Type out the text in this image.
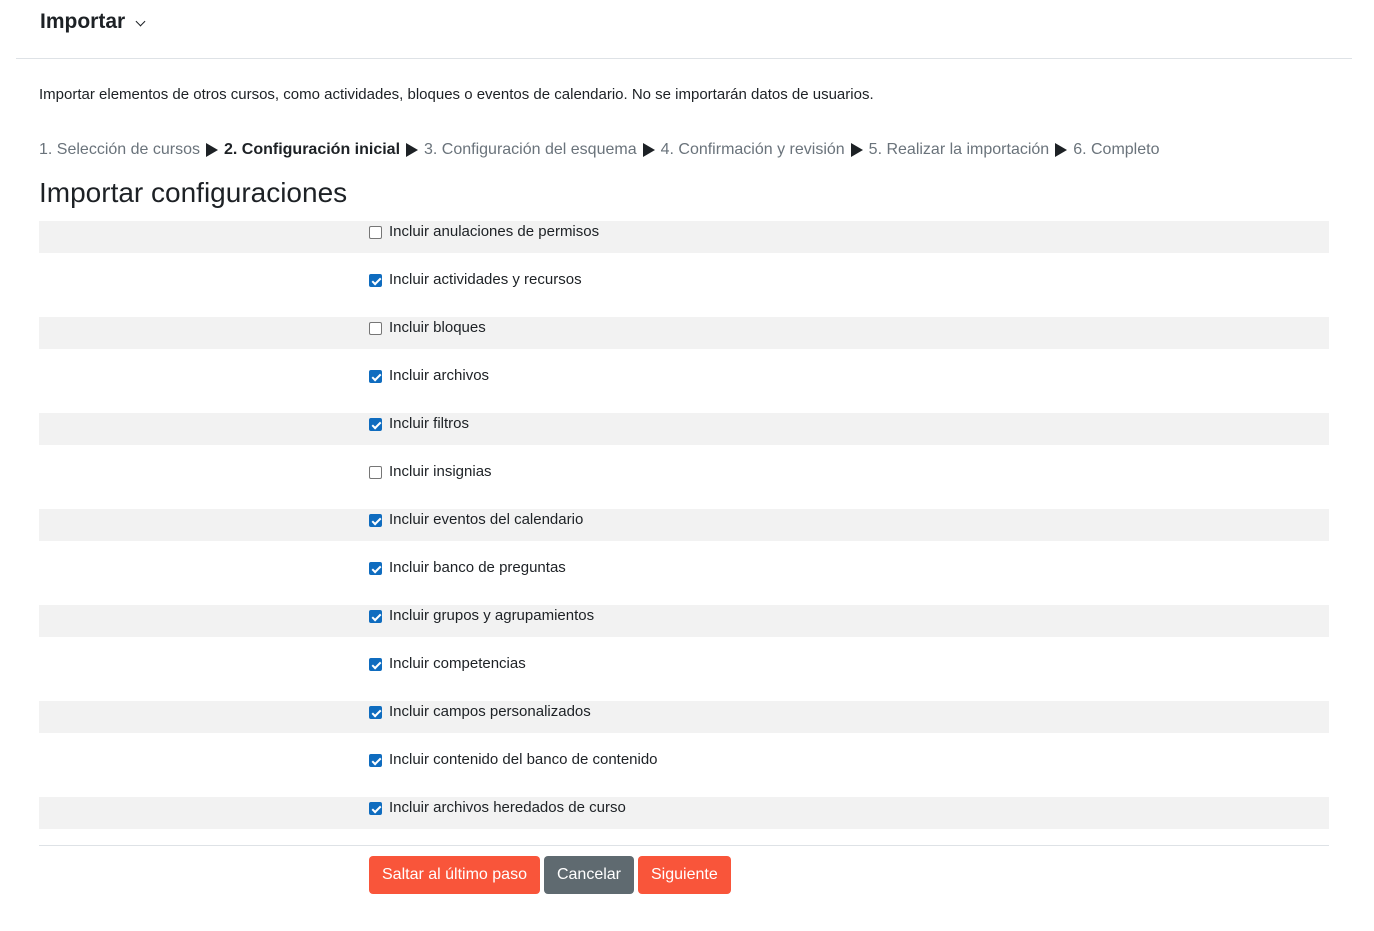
Importar
Importar elementos de otros cursos, como actividades, bloques o eventos de calendario. No se importarán datos de usuarios.
1. Selección de cursos 2. Configuración inicial 3. Configuración del esquema 4. Confirmación y revisión 5. Realizar la importación 6. Completo
Importar configuraciones
Incluir anulaciones de permisos
Incluir actividades y recursos
Incluir bloques
Incluir archivos
Incluir filtros
Incluir insignias
Incluir eventos del calendario
Incluir banco de preguntas
Incluir grupos y agrupamientos
Incluir competencias
Incluir campos personalizados
Incluir contenido del banco de contenido
Incluir archivos heredados de curso
Saltar al último paso	Cancelar	Siguiente
